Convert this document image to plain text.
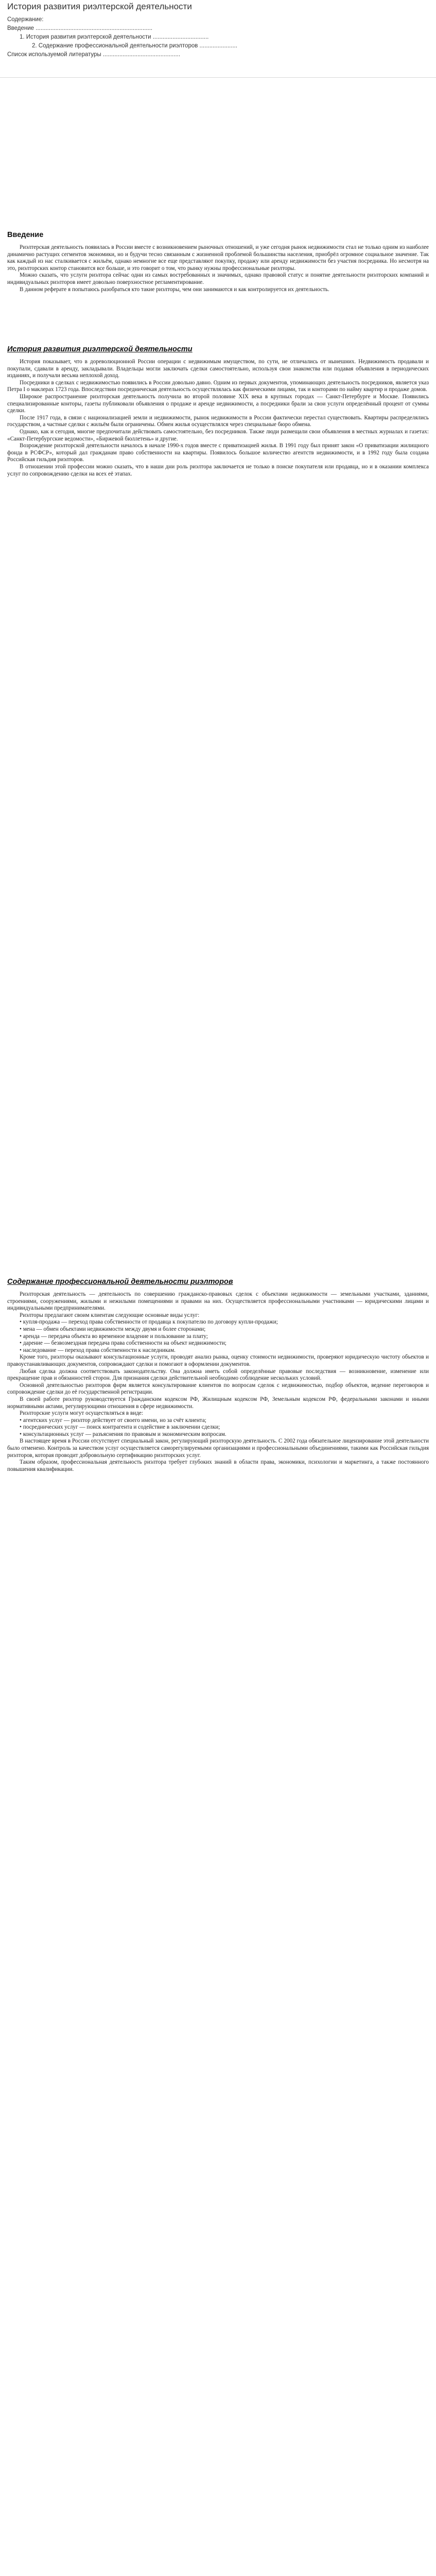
История развития риэлтерской деятельности
Содержание:
Введение .......................................................................
1. История развития риэлтерской деятельности ..................................
2. Содержание профессиональной деятельности риэлторов .......................
Список используемой литературы ...............................................
Введение

Риэлтерская деятельность появилась в России вместе с возникновением рыночных отношений, и уже сегодня рынок недвижимости стал не только одним из наиболее динамично растущих сегментов экономики, но и будучи тесно связанным с жизненной проблемой большинства населения, приобрёл огромное социальное значение. Так как каждый из нас сталкивается с жильём, однако немногие все еще представляют покупку, продажу или аренду недвижимости без участия посредника. Но несмотря на это, риэлторских контор становится все больше, и это говорит о том, что рынку нужны профессиональные риэлторы.

Можно сказать, что услуги риэлтора сейчас одни из самых востребованных и значимых, однако правовой статус и понятие деятельности риэлторских компаний и индивидуальных риэлторов имеет довольно поверхностное регламентирование.

В данном реферате я попытаюсь разобраться кто такие риэлторы, чем они занимаются и как контролируется их деятельность.

История развития риэлтерской деятельности

История показывает, что в дореволюционной России операции с недвижимым имуществом, по сути, не отличались от нынешних. Недвижимость продавали и покупали, сдавали в аренду, закладывали. Владельцы могли заключать сделки самостоятельно, используя свои знакомства или подавая объявления в периодических изданиях, и получали весьма неплохой доход.

Посредники в сделках с недвижимостью появились в России довольно давно. Одним из первых документов, упоминающих деятельность посредников, является указ Петра I о маклерах 1723 года. Впоследствии посредническая деятельность осуществлялась как физическими лицами, так и конторами по найму квартир и продаже домов.

Широкое распространение риэлторская деятельность получила во второй половине XIX века в крупных городах — Санкт-Петербурге и Москве. Появились специализированные конторы, газеты публиковали объявления о продаже и аренде недвижимости, а посредники брали за свои услуги определённый процент от суммы сделки.

После 1917 года, в связи с национализацией земли и недвижимости, рынок недвижимости в России фактически перестал существовать. Квартиры распределялись государством, а частные сделки с жильём были ограничены. Обмен жилья осуществлялся через специальные бюро обмена.

Однако, как и сегодня, многие предпочитали действовать самостоятельно, без посредников. Также люди размещали свои объявления в местных журналах и газетах: «Санкт-Петербургские ведомости», «Биржевой бюллетень» и другие.

Возрождение риэлторской деятельности началось в начале 1990-х годов вместе с приватизацией жилья. В 1991 году был принят закон «О приватизации жилищного фонда в РСФСР», который дал гражданам право собственности на квартиры. Появилось большое количество агентств недвижимости, и в 1992 году была создана Российская гильдия риэлторов.

В отношении этой профессии можно сказать, что в наши дни роль риэлтора заключается не только в поиске покупателя или продавца, но и в оказании комплекса услуг по сопровождению сделки на всех её этапах.

Содержание профессиональной деятельности риэлторов

Риэлторская деятельность — деятельность по совершению гражданско-правовых сделок с объектами недвижимости — земельными участками, зданиями, строениями, сооружениями, жилыми и нежилыми помещениями и правами на них. Осуществляется профессиональными участниками — юридическими лицами и индивидуальными предпринимателями.

Риэлторы предлагают своим клиентам следующие основные виды услуг:

• купля-продажа — переход права собственности от продавца к покупателю по договору купли-продажи;

• мена — обмен объектами недвижимости между двумя и более сторонами;

• аренда — передача объекта во временное владение и пользование за плату;

• дарение — безвозмездная передача права собственности на объект недвижимости;

• наследование — переход права собственности к наследникам.

Кроме того, риэлторы оказывают консультационные услуги, проводят анализ рынка, оценку стоимости недвижимости, проверяют юридическую чистоту объектов и правоустанавливающих документов, сопровождают сделки и помогают в оформлении документов.

Любая сделка должна соответствовать законодательству. Она должна иметь собой определённые правовые последствия — возникновение, изменение или прекращение прав и обязанностей сторон. Для признания сделки действительной необходимо соблюдение нескольких условий.

Основной деятельностью риэлторов фирм является консультирование клиентов по вопросам сделок с недвижимостью, подбор объектов, ведение переговоров и сопровождение сделки до её государственной регистрации.

В своей работе риэлтор руководствуется Гражданским кодексом РФ, Жилищным кодексом РФ, Земельным кодексом РФ, федеральными законами и иными нормативными актами, регулирующими отношения в сфере недвижимости.

Риэлторские услуги могут осуществляться в виде:

• агентских услуг — риэлтор действует от своего имени, но за счёт клиента;

• посреднических услуг — поиск контрагента и содействие в заключении сделки;

• консультационных услуг — разъяснения по правовым и экономическим вопросам.

В настоящее время в России отсутствует специальный закон, регулирующий риэлторскую деятельность. С 2002 года обязательное лицензирование этой деятельности было отменено. Контроль за качеством услуг осуществляется саморегулируемыми организациями и профессиональными объединениями, такими как Российская гильдия риэлторов, которая проводит добровольную сертификацию риэлторских услуг.

Таким образом, профессиональная деятельность риэлтора требует глубоких знаний в области права, экономики, психологии и маркетинга, а также постоянного повышения квалификации.
